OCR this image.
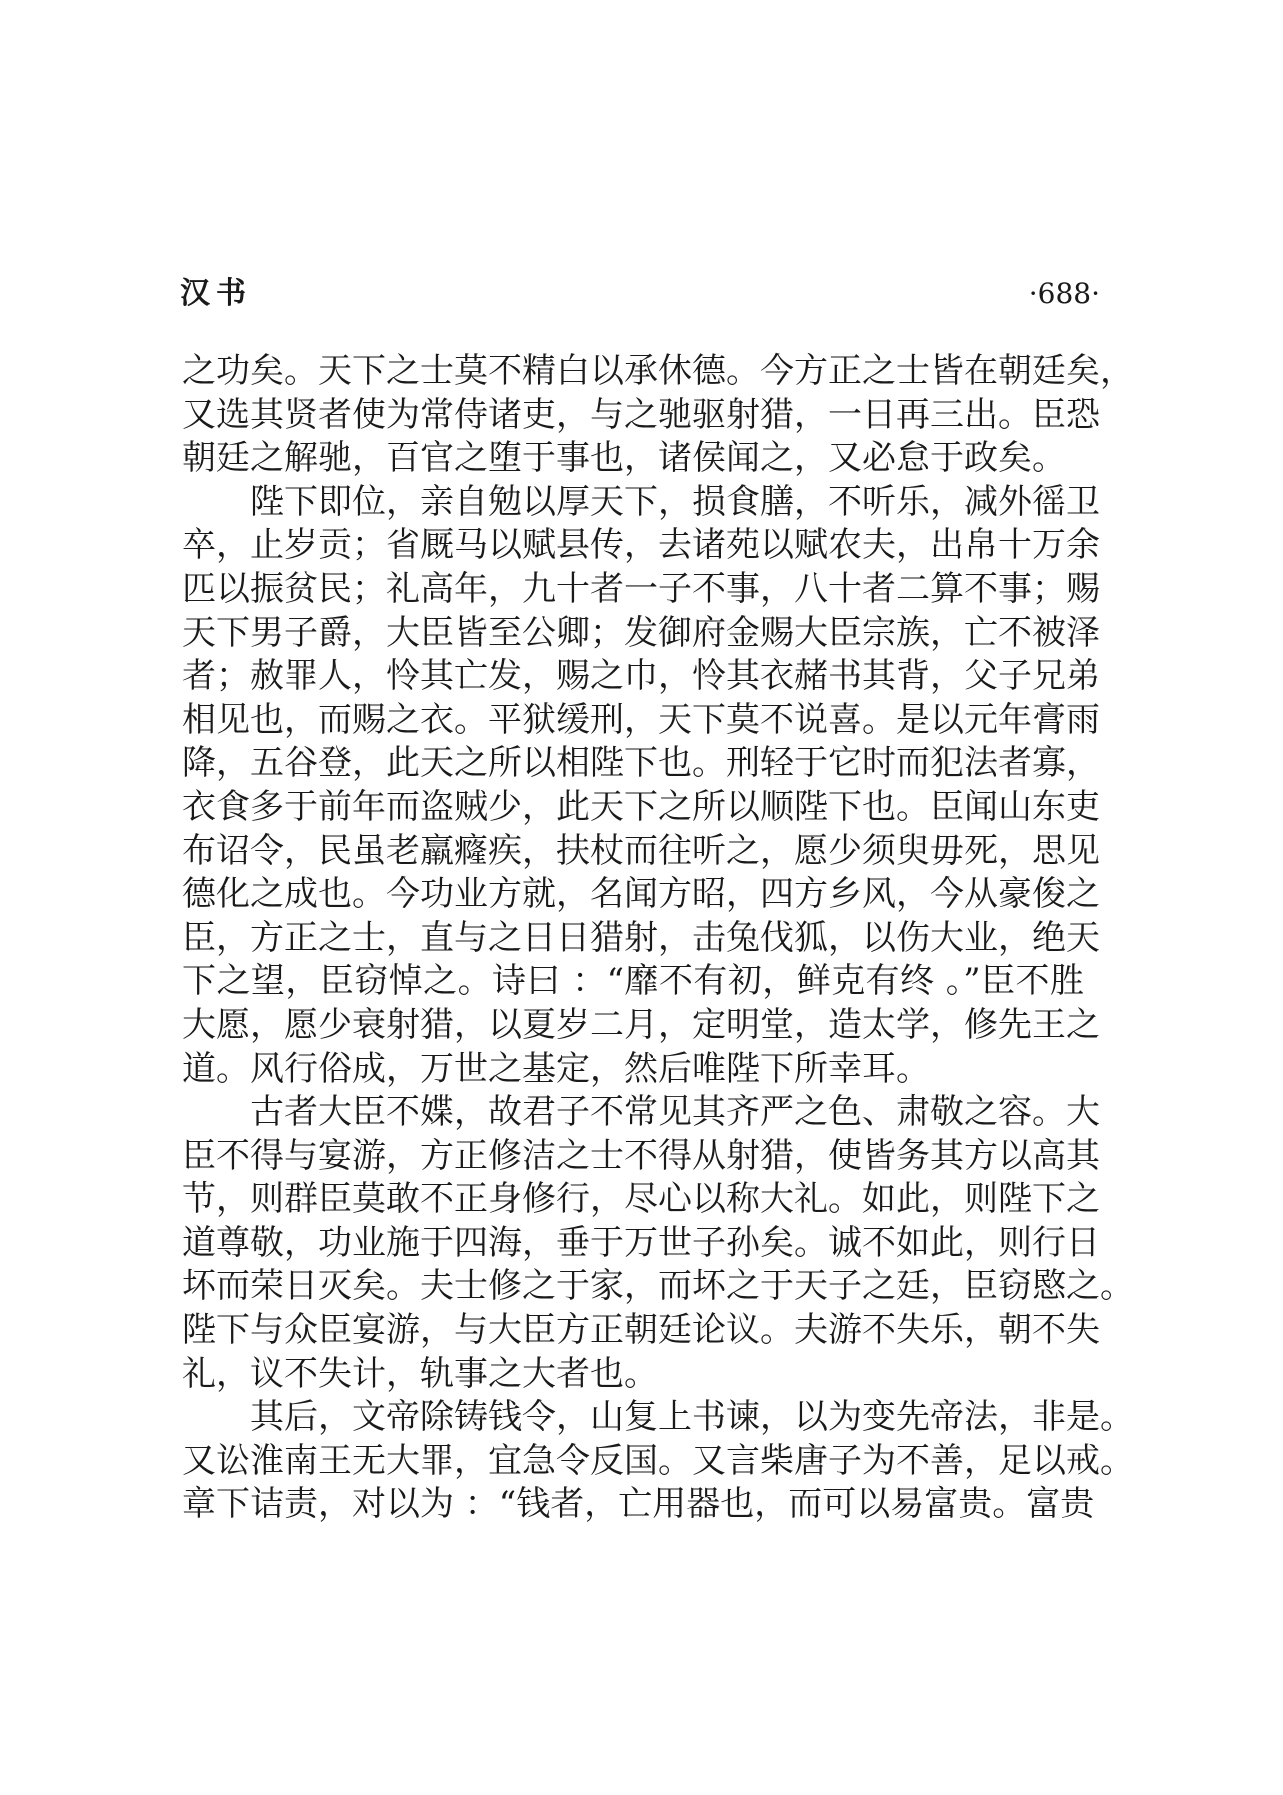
汉书	·688·
之功矣。天下之士莫不精白以承休德。今方正之士皆在朝廷矣，
又选其贤者使为常侍诸吏，与之驰驱射猎，一日再三出。臣恐
朝廷之解驰，百官之堕于事也，诸侯闻之，又必怠于政矣。
陛下即位，亲自勉以厚天下，损食膳，不听乐，减外徭卫
卒，止岁贡；省厩马以赋县传，去诸苑以赋农夫，出帛十万余
匹以振贫民；礼高年，九十者一子不事，八十者二算不事；赐
天下男子爵，大臣皆至公卿；发御府金赐大臣宗族，亡不被泽
者；赦罪人，怜其亡发，赐之巾，怜其衣赭书其背，父子兄弟
相见也，而赐之衣。平狱缓刑，天下莫不说喜。是以元年膏雨
降，五谷登，此天之所以相陛下也。刑轻于它时而犯法者寡，
衣食多于前年而盗贼少，此天下之所以顺陛下也。臣闻山东吏
布诏令，民虽老羸癃疾，扶杖而往听之，愿少须臾毋死，思见
德化之成也。今功业方就，名闻方昭，四方乡风，今从豪俊之
臣，方正之士，直与之日日猎射，击兔伐狐，以伤大业，绝天
下之望，臣窃悼之。诗曰 ：“靡不有初，鲜克有终 。”臣不胜
大愿，愿少衰射猎，以夏岁二月，定明堂，造太学，修先王之
道。风行俗成，万世之基定，然后唯陛下所幸耳。
古者大臣不媟，故君子不常见其齐严之色、肃敬之容。大
臣不得与宴游，方正修洁之士不得从射猎，使皆务其方以高其
节，则群臣莫敢不正身修行，尽心以称大礼。如此，则陛下之
道尊敬，功业施于四海，垂于万世子孙矣。诚不如此，则行日
坏而荣日灭矣。夫士修之于家，而坏之于天子之廷，臣窃愍之。
陛下与众臣宴游，与大臣方正朝廷论议。夫游不失乐，朝不失
礼，议不失计，轨事之大者也。
其后，文帝除铸钱令，山复上书谏，以为变先帝法，非是。
又讼淮南王无大罪，宜急令反国。又言柴唐子为不善，足以戒。
章下诘责，对以为 ：“钱者，亡用器也，而可以易富贵。富贵
